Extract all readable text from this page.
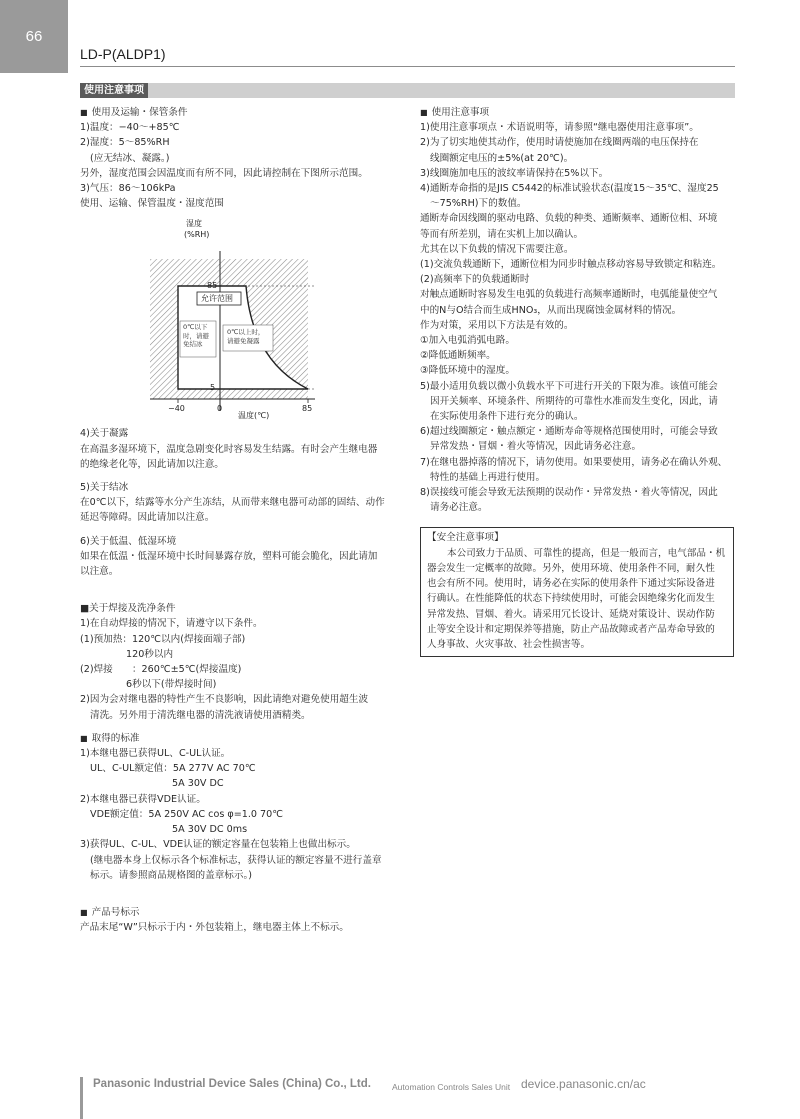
66
LD-P(ALDP1)
使用注意事项

■ 使用及运输・保管条件

1)温度：−40～+85℃

2)湿度：5～85%RH

(应无结冰、凝露。)

另外，湿度范围会因温度而有所不同，因此请控制在下图所示范围。

3)气压：86～106kPa

使用、运输、保管温度・湿度范围

湿度
(%RH)
85
5
−40	0	85
温度(℃)
允许范围
0℃以下
时，请避
免结冰
0℃以上时，
请避免凝露

4)关于凝露

在高温多湿环境下，温度急剧变化时容易发生结露。有时会产生继电器

的绝缘老化等，因此请加以注意。

5)关于结冰

在0℃以下，结露等水分产生冻结，从而带来继电器可动部的固结、动作

延迟等障碍。因此请加以注意。

6)关于低温、低湿环境

如果在低温・低湿环境中长时间暴露存放，塑料可能会脆化，因此请加

以注意。

■关于焊接及洗净条件

1)在自动焊接的情况下，请遵守以下条件。

(1)预加热：120℃以内(焊接面端子部)

120秒以内

(2)焊接　　：260℃±5℃(焊接温度)

6秒以下(带焊接时间)

2)因为会对继电器的特性产生不良影响，因此请绝对避免使用超生波

清洗。另外用于清洗继电器的清洗液请使用酒精类。

■ 取得的标准

1)本继电器已获得UL、C-UL认证。

UL、C-UL额定值：5A 277V AC 70℃

5A 30V DC

2)本继电器已获得VDE认证。

VDE额定值：5A 250V AC cos φ=1.0 70℃

5A 30V DC 0ms

3)获得UL、C-UL、VDE认证的额定容量在包装箱上也做出标示。

(继电器本身上仅标示各个标准标志，获得认证的额定容量不进行盖章

标示。请参照商品规格图的盖章标示。)

■ 产品号标示

产品末尾“W”只标示于内・外包装箱上，继电器主体上不标示。

■ 使用注意事项

1)使用注意事项点・术语说明等，请参照“继电器使用注意事项”。

2)为了切实地使其动作，使用时请使施加在线圈两端的电压保持在

线圈额定电压的±5%(at 20℃)。

3)线圈施加电压的波纹率请保持在5%以下。

4)通断寿命指的是JIS C5442的标准试验状态(温度15～35℃、湿度25

～75%RH)下的数值。

通断寿命因线圈的驱动电路、负载的种类、通断频率、通断位相、环境

等而有所差别，请在实机上加以确认。

尤其在以下负载的情况下需要注意。

(1)交流负载通断下，通断位相为同步时触点移动容易导致锁定和粘连。

(2)高频率下的负载通断时

对触点通断时容易发生电弧的负载进行高频率通断时，电弧能量使空气

中的N与O结合而生成HNO₃，从而出现腐蚀金属材料的情况。

作为对策，采用以下方法是有效的。

①加入电弧消弧电路。

②降低通断频率。

③降低环境中的湿度。

5)最小适用负载以微小负载水平下可进行开关的下限为准。该值可能会

因开关频率、环境条件、所期待的可靠性水准而发生变化，因此，请

在实际使用条件下进行充分的确认。

6)超过线圈额定・触点额定・通断寿命等规格范围使用时，可能会导致

异常发热・冒烟・着火等情况，因此请务必注意。

7)在继电器掉落的情况下，请勿使用。如果要使用，请务必在确认外观、

特性的基础上再进行使用。

8)误接线可能会导致无法预期的误动作・异常发热・着火等情况，因此

请务必注意。

【安全注意事项】

本公司致力于品质、可靠性的提高，但是一般而言，电气部品・机

器会发生一定概率的故障。另外，使用环境、使用条件不同，耐久性

也会有所不同。使用时，请务必在实际的使用条件下通过实际设备进

行确认。在性能降低的状态下持续使用时，可能会因绝缘劣化而发生

异常发热、冒烟、着火。请采用冗长设计、延烧对策设计、误动作防

止等安全设计和定期保养等措施，防止产品故障或者产品寿命导致的

人身事故、火灾事故、社会性损害等。

Panasonic Industrial Device Sales (China) Co., Ltd. Automation Controls Sales Unit device.panasonic.cn/ac
